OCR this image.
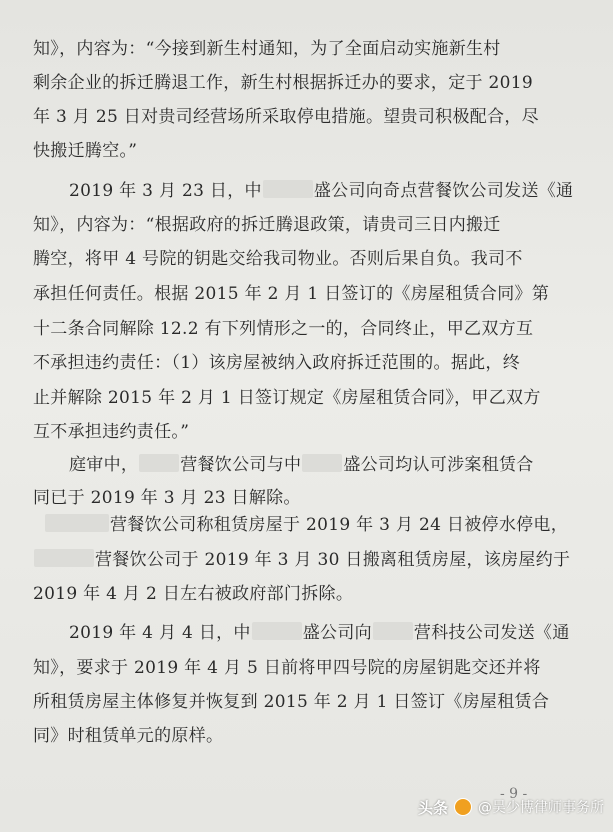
知》，内容为：“今接到新生村通知，为了全面启动实施新生村
剩余企业的拆迁腾退工作，新生村根据拆迁办的要求，定于 2019
年 3 月 25 日对贵司经营场所采取停电措施。望贵司积极配合，尽
快搬迁腾空。”
2019 年 3 月 23 日，中	盛公司向奇点营餐饮公司发送《通
知》，内容为：“根据政府的拆迁腾退政策，请贵司三日内搬迁
腾空，将甲 4 号院的钥匙交给我司物业。否则后果自负。我司不
承担任何责任。根据 2015 年 2 月 1 日签订的《房屋租赁合同》第
十二条合同解除 12.2 有下列情形之一的，合同终止，甲乙双方互
不承担违约责任：（1）该房屋被纳入政府拆迁范围的。据此，终
止并解除 2015 年 2 月 1 日签订规定《房屋租赁合同》，甲乙双方
互不承担违约责任。”
庭审中， 营餐饮公司与中 盛公司均认可涉案租赁合
同已于 2019 年 3 月 23 日解除。
营餐饮公司称租赁房屋于 2019 年 3 月 24 日被停水停电，
营餐饮公司于 2019 年 3 月 30 日搬离租赁房屋，该房屋约于
2019 年 4 月 2 日左右被政府部门拆除。
2019 年 4 月 4 日，中	盛公司向 营科技公司发送《通
知》，要求于 2019 年 4 月 5 日前将甲四号院的房屋钥匙交还并将
所租赁房屋主体修复并恢复到 2015 年 2 月 1 日签订《房屋租赁合
同》时租赁单元的原样。
- 9 -
头条 @吴少博律师事务所
